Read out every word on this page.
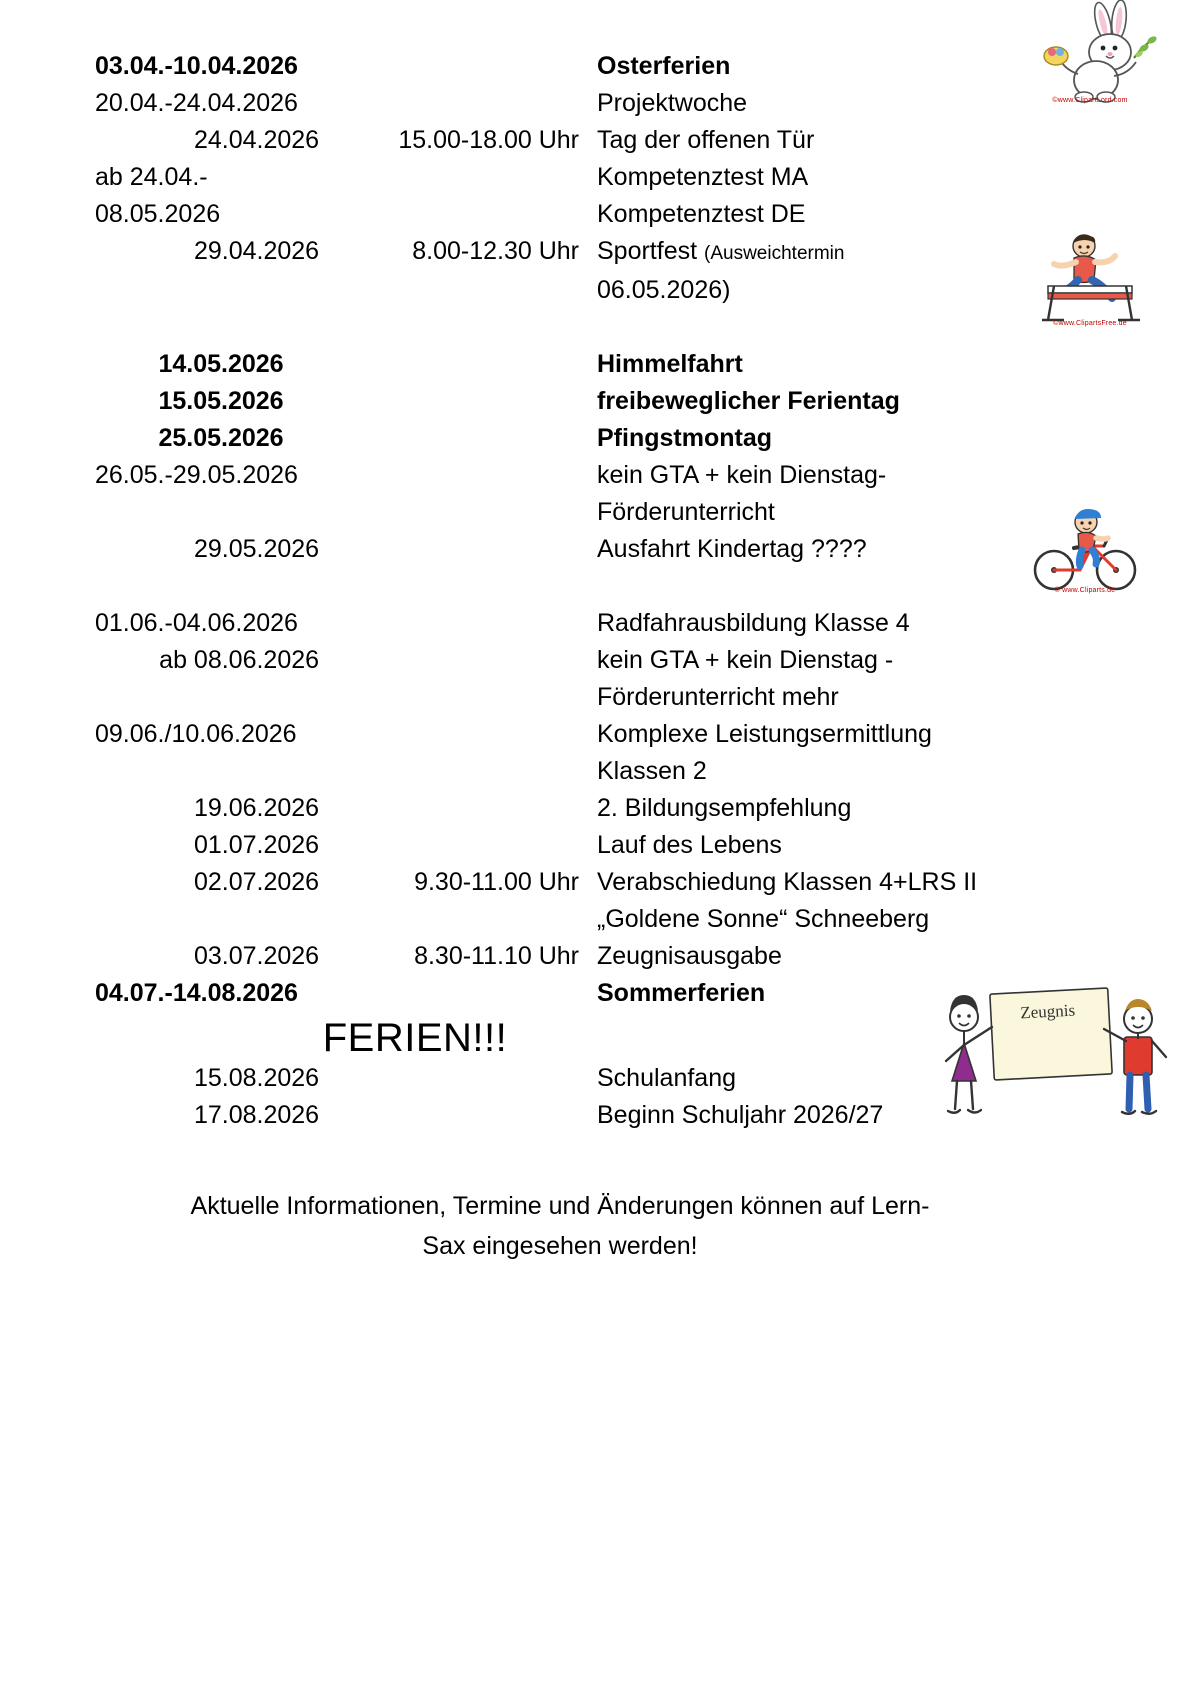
03.04.-10.04.2026		Osterferien

20.04.-24.04.2026		Projektwoche

24.04.2026	15.00-18.00 Uhr	Tag der offenen Tür

ab 24.04.-		Kompetenztest MA

08.05.2026		Kompetenztest DE

29.04.2026	8.00-12.30 Uhr	Sportfest (Ausweichtermin
		06.05.2026)

14.05.2026		Himmelfahrt

15.05.2026		freibeweglicher Ferientag

25.05.2026		Pfingstmontag

26.05.-29.05.2026		kein GTA + kein Dienstag-
		Förderunterricht

29.05.2026		Ausfahrt Kindertag ????

01.06.-04.06.2026		Radfahrausbildung Klasse 4

ab 08.06.2026		kein GTA + kein Dienstag -
		Förderunterricht mehr

09.06./10.06.2026		Komplexe Leistungsermittlung
		Klassen 2

19.06.2026		2. Bildungsempfehlung

01.07.2026		Lauf des Lebens

02.07.2026	9.30-11.00 Uhr	Verabschiedung Klassen 4+LRS II
		„Goldene Sonne“ Schneeberg

03.07.2026	8.30-11.10 Uhr	Zeugnisausgabe

04.07.-14.08.2026		Sommerferien

15.08.2026		Schulanfang

17.08.2026		Beginn Schuljahr 2026/27
FERIEN!!!
Aktuelle Informationen, Termine und Änderungen können auf Lern-
Sax eingesehen werden!
©www.ClipartLord.com
©www.ClipartsFree.de
© www.Cliparts.de
Zeugnis
